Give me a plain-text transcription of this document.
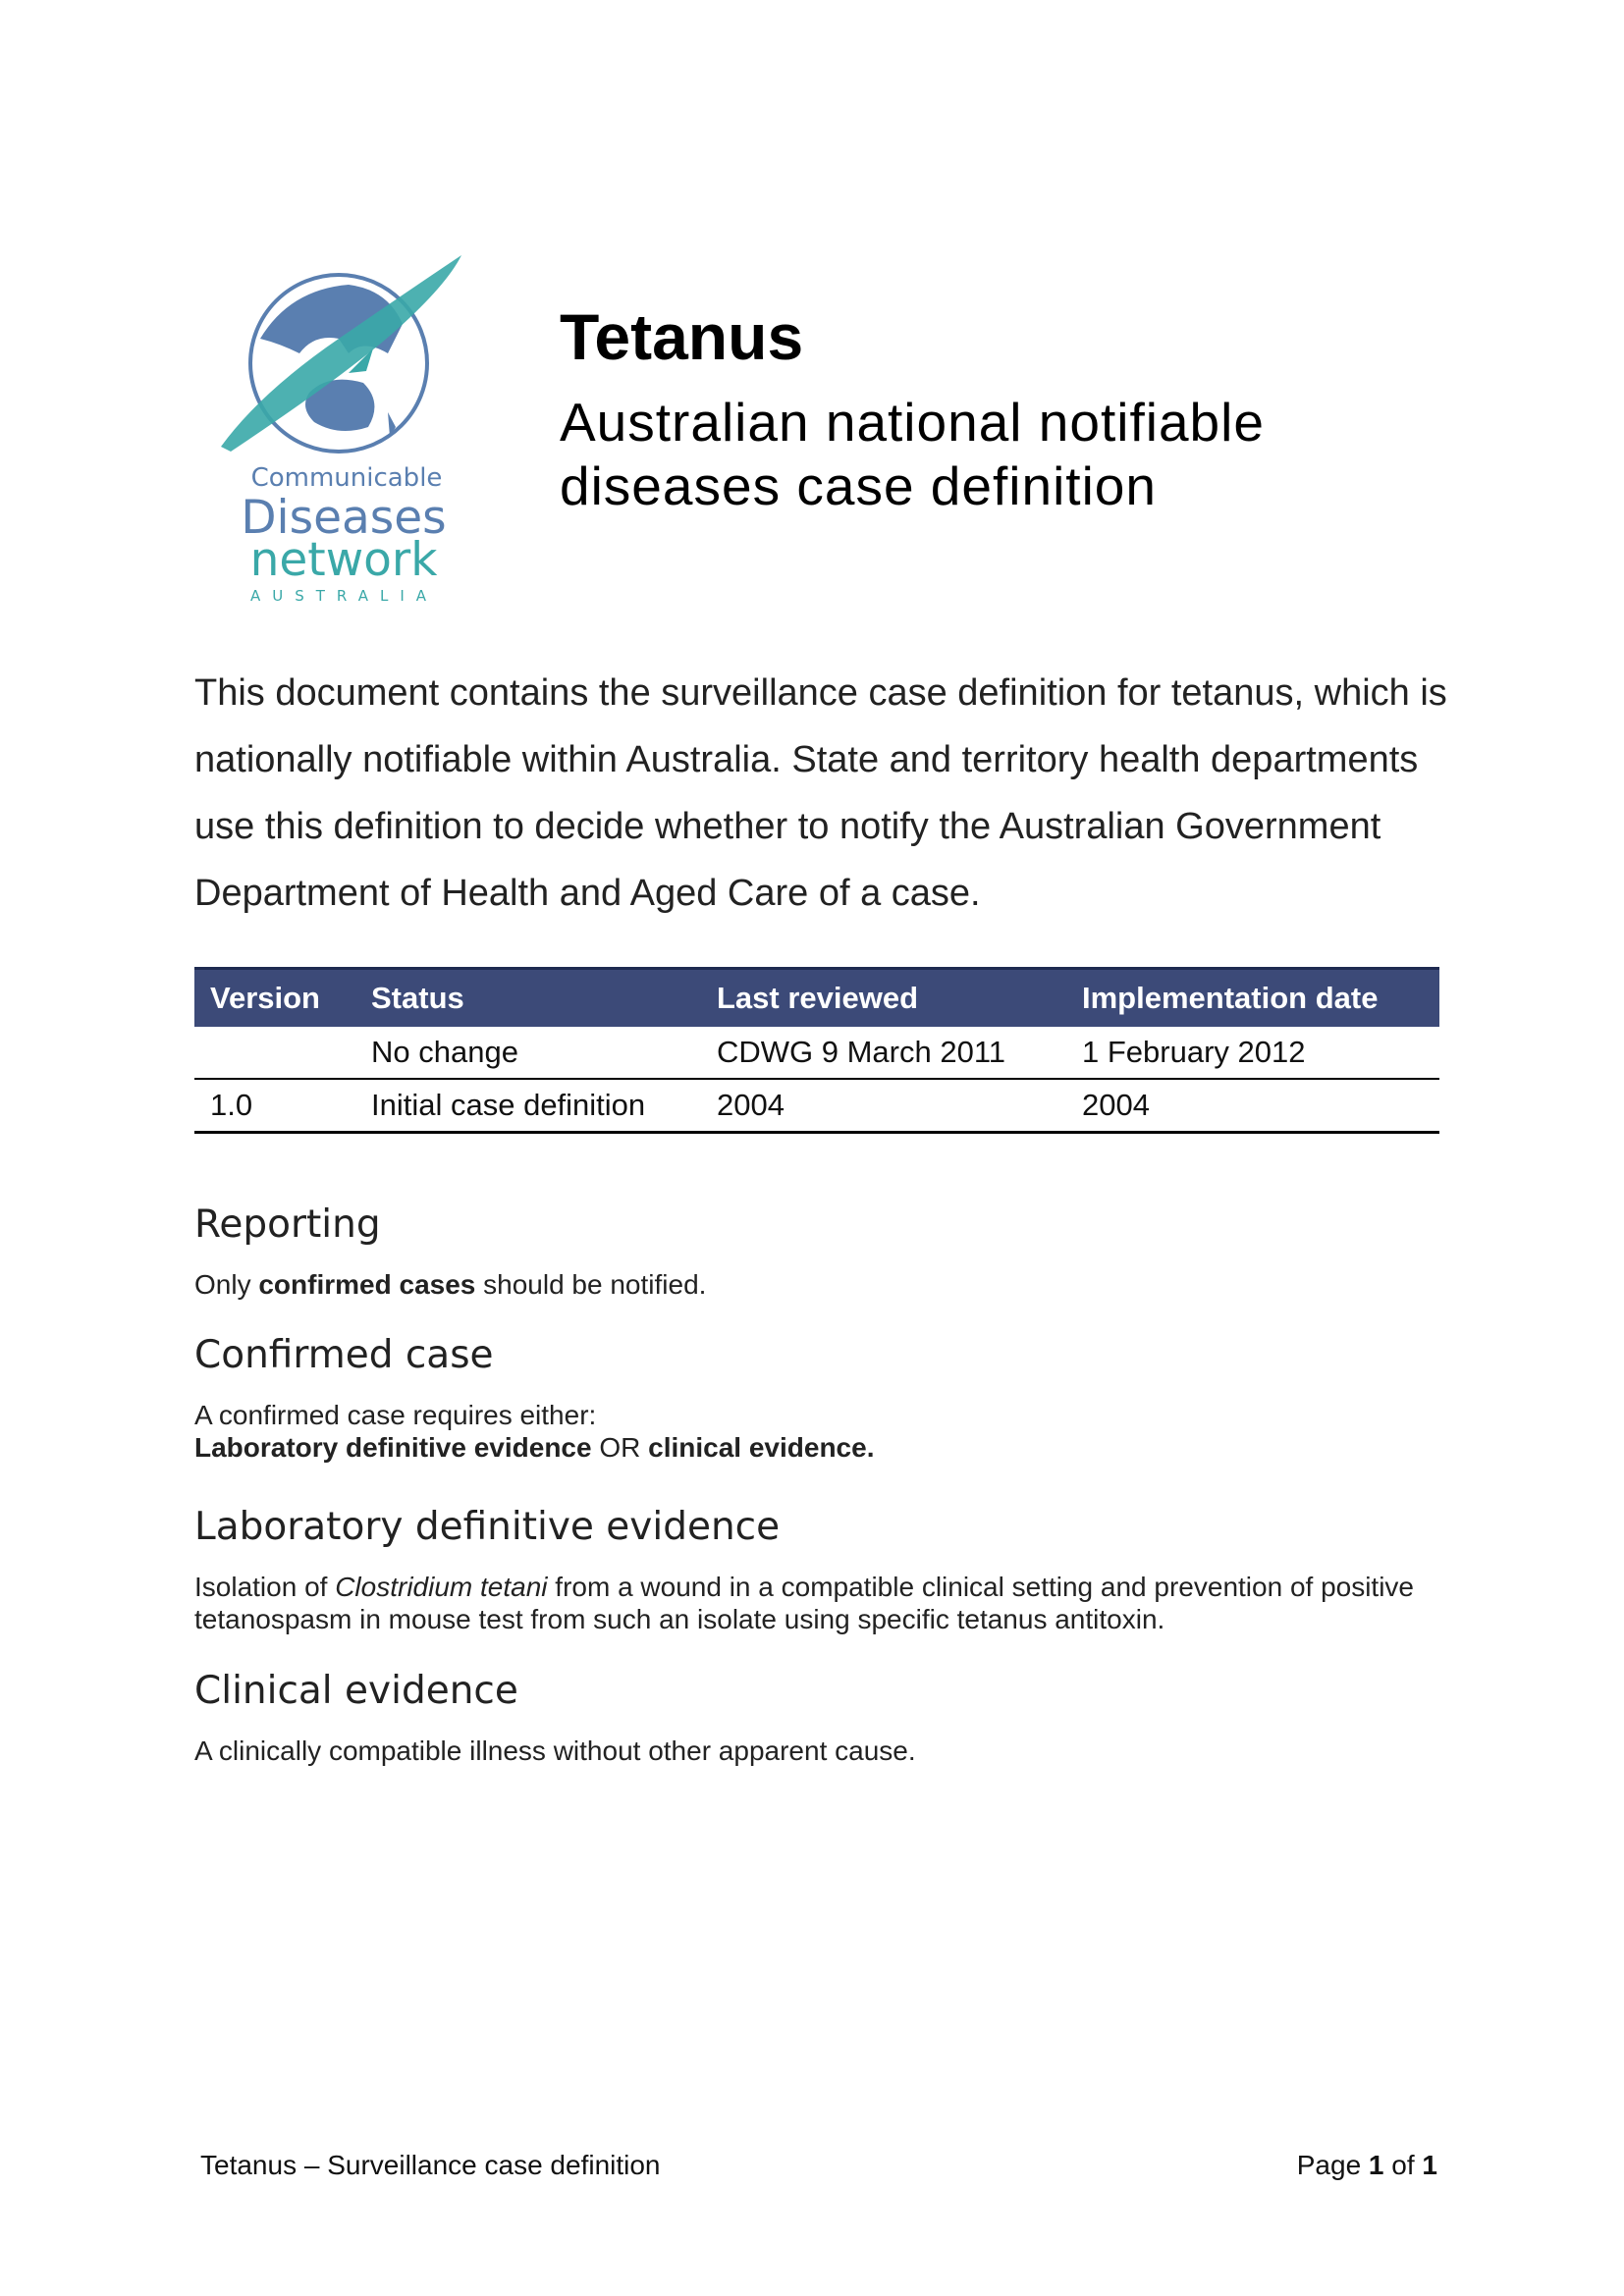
Communicable
Diseases
network
AUSTRALIA
Tetanus
Australian national notifiable
diseases case definition
This document contains the surveillance case definition for tetanus, which is nationally notifiable within Australia. State and territory health departments use this definition to decide whether to notify the Australian Government Department of Health and Aged Care of a case.
Version	Status	Last reviewed	Implementation date
	No change	CDWG 9 March 2011	1 February 2012
1.0	Initial case definition	2004	2004
Reporting
Only confirmed cases should be notified.
Confirmed case
A confirmed case requires either:
Laboratory definitive evidence OR clinical evidence.
Laboratory definitive evidence
Isolation of Clostridium tetani from a wound in a compatible clinical setting and prevention of positive tetanospasm in mouse test from such an isolate using specific tetanus antitoxin.
Clinical evidence
A clinically compatible illness without other apparent cause.
Tetanus – Surveillance case definition	Page 1 of 1
